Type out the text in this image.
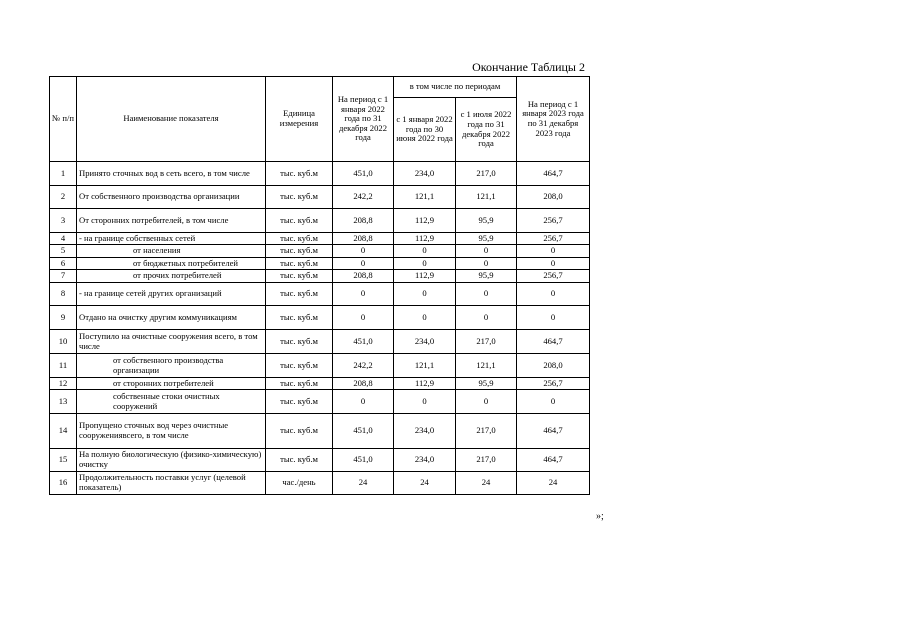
Окончание Таблицы 2
№ п/п	Наименование показателя	Единица измерения	На период с 1 января 2022 года по 31 декабря 2022 года	в том числе по периодам		На период с 1 января 2023 года по 31 декабря 2023 года
				с 1 января 2022 года по 30 июня 2022 года	с 1 июля 2022 года по 31 декабря 2022 года	
1	Принято сточных вод в сеть всего, в том числе	тыс. куб.м	451,0	234,0	217,0	464,7
2	От собственного производства организации	тыс. куб.м	242,2	121,1	121,1	208,0
3	От сторонних потребителей, в том числе	тыс. куб.м	208,8	112,9	95,9	256,7
4	- на границе собственных сетей	тыс. куб.м	208,8	112,9	95,9	256,7
5	от населения	тыс. куб.м	0	0	0	0
6	от бюджетных потребителей	тыс. куб.м	0	0	0	0
7	от прочих потребителей	тыс. куб.м	208,8	112,9	95,9	256,7
8	- на границе сетей других организаций	тыс. куб.м	0	0	0	0
9	Отдано на очистку другим коммуникациям	тыс. куб.м	0	0	0	0
10	Поступило на очистные сооружения всего, в том числе	тыс. куб.м	451,0	234,0	217,0	464,7
11	от собственного производства организации	тыс. куб.м	242,2	121,1	121,1	208,0
12	от сторонних потребителей	тыс. куб.м	208,8	112,9	95,9	256,7
13	собственные стоки очистных сооружений	тыс. куб.м	0	0	0	0
14	Пропущено сточных вод через очистные сооружениявсего, в том числе	тыс. куб.м	451,0	234,0	217,0	464,7
15	На полную биологическую (физико-химическую) очистку	тыс. куб.м	451,0	234,0	217,0	464,7
16	Продолжительность поставки услуг (целевой показатель)	час./день	24	24	24	24
»;
